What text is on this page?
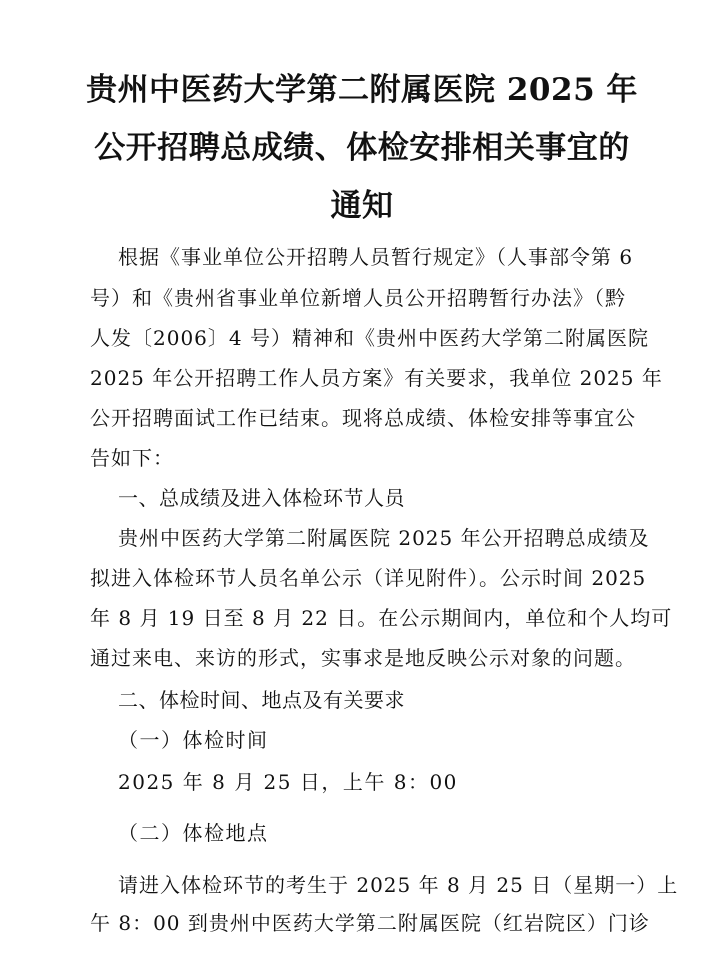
贵州中医药大学第二附属医院 2025 年
公开招聘总成绩、体检安排相关事宜的
通知
根据《事业单位公开招聘人员暂行规定》（人事部令第 6
号）和《贵州省事业单位新增人员公开招聘暂行办法》（黔
人发〔2006〕4 号）精神和《贵州中医药大学第二附属医院
2025 年公开招聘工作人员方案》有关要求，我单位 2025 年
公开招聘面试工作已结束。现将总成绩、体检安排等事宜公
告如下：
一、总成绩及进入体检环节人员
贵州中医药大学第二附属医院 2025 年公开招聘总成绩及
拟进入体检环节人员名单公示（详见附件）。公示时间 2025
年 8 月 19 日至 8 月 22 日。在公示期间内，单位和个人均可
通过来电、来访的形式，实事求是地反映公示对象的问题。
二、体检时间、地点及有关要求
（一）体检时间
2025 年 8 月 25 日，上午 8：00
（二）体检地点
请进入体检环节的考生于 2025 年 8 月 25 日（星期一）上
午 8：00 到贵州中医药大学第二附属医院（红岩院区）门诊
